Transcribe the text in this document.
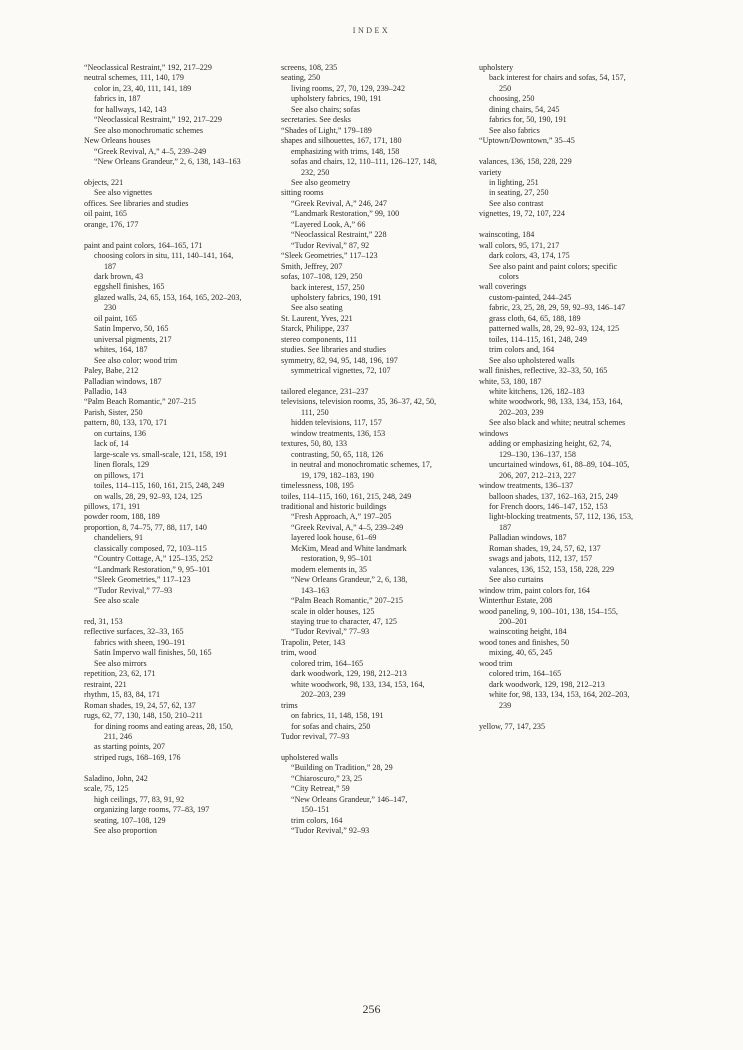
INDEX
“Neoclassical Restraint,” 192, 217–229
neutral schemes, 111, 140, 179
color in, 23, 40, 111, 141, 189
fabrics in, 187
for hallways, 142, 143
“Neoclassical Restraint,” 192, 217–229
See also monochromatic schemes
New Orleans houses
“Greek Revival, A,” 4–5, 239–249
“New Orleans Grandeur,” 2, 6, 138, 143–163
objects, 221
See also vignettes
offices. See libraries and studies
oil paint, 165
orange, 176, 177
paint and paint colors, 164–165, 171
choosing colors in situ, 111, 140–141, 164,
187
dark brown, 43
eggshell finishes, 165
glazed walls, 24, 65, 153, 164, 165, 202–203,
230
oil paint, 165
Satin Impervo, 50, 165
universal pigments, 217
whites, 164, 187
See also color; wood trim
Paley, Babe, 212
Palladian windows, 187
Palladio, 143
“Palm Beach Romantic,” 207–215
Parish, Sister, 250
pattern, 80, 133, 170, 171
on curtains, 136
lack of, 14
large-scale vs. small-scale, 121, 158, 191
linen florals, 129
on pillows, 171
toiles, 114–115, 160, 161, 215, 248, 249
on walls, 28, 29, 92–93, 124, 125
pillows, 171, 191
powder room, 188, 189
proportion, 8, 74–75, 77, 88, 117, 140
chandeliers, 91
classically composed, 72, 103–115
“Country Cottage, A,” 125–135, 252
“Landmark Restoration,” 9, 95–101
“Sleek Geometries,” 117–123
“Tudor Revival,” 77–93
See also scale
red, 31, 153
reflective surfaces, 32–33, 165
fabrics with sheen, 190–191
Satin Impervo wall finishes, 50, 165
See also mirrors
repetition, 23, 62, 171
restraint, 221
rhythm, 15, 83, 84, 171
Roman shades, 19, 24, 57, 62, 137
rugs, 62, 77, 130, 148, 150, 210–211
for dining rooms and eating areas, 28, 150,
211, 246
as starting points, 207
striped rugs, 168–169, 176
Saladino, John, 242
scale, 75, 125
high ceilings, 77, 83, 91, 92
organizing large rooms, 77–83, 197
seating, 107–108, 129
See also proportion
screens, 108, 235
seating, 250
living rooms, 27, 70, 129, 239–242
upholstery fabrics, 190, 191
See also chairs; sofas
secretaries. See desks
“Shades of Light,” 179–189
shapes and silhouettes, 167, 171, 180
emphasizing with trims, 148, 158
sofas and chairs, 12, 110–111, 126–127, 148,
232, 250
See also geometry
sitting rooms
“Greek Revival, A,” 246, 247
“Landmark Restoration,” 99, 100
“Layered Look, A,” 66
“Neoclassical Restraint,” 228
“Tudor Revival,” 87, 92
“Sleek Geometries,” 117–123
Smith, Jeffrey, 207
sofas, 107–108, 129, 250
back interest, 157, 250
upholstery fabrics, 190, 191
See also seating
St. Laurent, Yves, 221
Starck, Philippe, 237
stereo components, 111
studies. See libraries and studies
symmetry, 82, 94, 95, 148, 196, 197
symmetrical vignettes, 72, 107
tailored elegance, 231–237
televisions, television rooms, 35, 36–37, 42, 50,
111, 250
hidden televisions, 117, 157
window treatments, 136, 153
textures, 50, 80, 133
contrasting, 50, 65, 118, 126
in neutral and monochromatic schemes, 17,
19, 179, 182–183, 190
timelessness, 108, 195
toiles, 114–115, 160, 161, 215, 248, 249
traditional and historic buildings
“Fresh Approach, A,” 197–205
“Greek Revival, A,” 4–5, 239–249
layered look house, 61–69
McKim, Mead and White landmark
restoration, 9, 95–101
modern elements in, 35
“New Orleans Grandeur,” 2, 6, 138,
143–163
“Palm Beach Romantic,” 207–215
scale in older houses, 125
staying true to character, 47, 125
“Tudor Revival,” 77–93
Trapolin, Peter, 143
trim, wood
colored trim, 164–165
dark woodwork, 129, 198, 212–213
white woodwork, 98, 133, 134, 153, 164,
202–203, 239
trims
on fabrics, 11, 148, 158, 191
for sofas and chairs, 250
Tudor revival, 77–93
upholstered walls
“Building on Tradition,” 28, 29
“Chiaroscuro,” 23, 25
“City Retreat,” 59
“New Orleans Grandeur,” 146–147,
150–151
trim colors, 164
“Tudor Revival,” 92–93
upholstery
back interest for chairs and sofas, 54, 157,
250
choosing, 250
dining chairs, 54, 245
fabrics for, 50, 190, 191
See also fabrics
“Uptown/Downtown,” 35–45
valances, 136, 158, 228, 229
variety
in lighting, 251
in seating, 27, 250
See also contrast
vignettes, 19, 72, 107, 224
wainscoting, 184
wall colors, 95, 171, 217
dark colors, 43, 174, 175
See also paint and paint colors; specific
colors
wall coverings
custom-painted, 244–245
fabric, 23, 25, 28, 29, 59, 92–93, 146–147
grass cloth, 64, 65, 188, 189
patterned walls, 28, 29, 92–93, 124, 125
toiles, 114–115, 161, 248, 249
trim colors and, 164
See also upholstered walls
wall finishes, reflective, 32–33, 50, 165
white, 53, 180, 187
white kitchens, 126, 182–183
white woodwork, 98, 133, 134, 153, 164,
202–203, 239
See also black and white; neutral schemes
windows
adding or emphasizing height, 62, 74,
129–130, 136–137, 158
uncurtained windows, 61, 88–89, 104–105,
206, 207, 212–213, 227
window treatments, 136–137
balloon shades, 137, 162–163, 215, 249
for French doors, 146–147, 152, 153
light-blocking treatments, 57, 112, 136, 153,
187
Palladian windows, 187
Roman shades, 19, 24, 57, 62, 137
swags and jabots, 112, 137, 157
valances, 136, 152, 153, 158, 228, 229
See also curtains
window trim, paint colors for, 164
Winterthur Estate, 208
wood paneling, 9, 100–101, 138, 154–155,
200–201
wainscoting height, 184
wood tones and finishes, 50
mixing, 40, 65, 245
wood trim
colored trim, 164–165
dark woodwork, 129, 198, 212–213
white for, 98, 133, 134, 153, 164, 202–203,
239
yellow, 77, 147, 235
256
